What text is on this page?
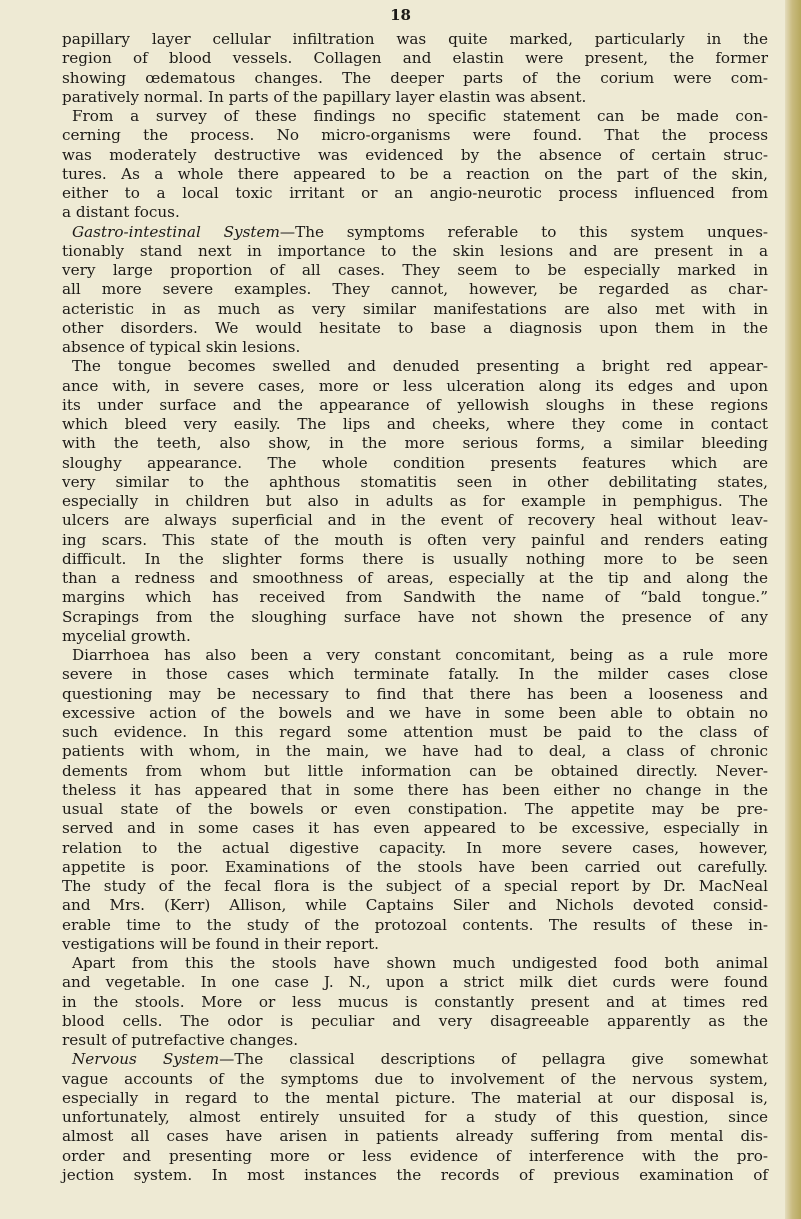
18
papillary layer cellular infiltration was quite marked, particularly in the
region of blood vessels. Collagen and elastin were present, the former
showing œdematous changes. The deeper parts of the corium were com-
paratively normal. In parts of the papillary layer elastin was absent.
From a survey of these findings no specific statement can be made con-
cerning the process. No micro-organisms were found. That the process
was moderately destructive was evidenced by the absence of certain struc-
tures. As a whole there appeared to be a reaction on the part of the skin,
either to a local toxic irritant or an angio-neurotic process influenced from
a distant focus.
Gastro-intestinal System—The symptoms referable to this system unques-
tionably stand next in importance to the skin lesions and are present in a
very large proportion of all cases. They seem to be especially marked in
all more severe examples. They cannot, however, be regarded as char-
acteristic in as much as very similar manifestations are also met with in
other disorders. We would hesitate to base a diagnosis upon them in the
absence of typical skin lesions.
The tongue becomes swelled and denuded presenting a bright red appear-
ance with, in severe cases, more or less ulceration along its edges and upon
its under surface and the appearance of yellowish sloughs in these regions
which bleed very easily. The lips and cheeks, where they come in contact
with the teeth, also show, in the more serious forms, a similar bleeding
sloughy appearance. The whole condition presents features which are
very similar to the aphthous stomatitis seen in other debilitating states,
especially in children but also in adults as for example in pemphigus. The
ulcers are always superficial and in the event of recovery heal without leav-
ing scars. This state of the mouth is often very painful and renders eating
difficult. In the slighter forms there is usually nothing more to be seen
than a redness and smoothness of areas, especially at the tip and along the
margins which has received from Sandwith the name of “bald tongue.”
Scrapings from the sloughing surface have not shown the presence of any
mycelial growth.
Diarrhoea has also been a very constant concomitant, being as a rule more
severe in those cases which terminate fatally. In the milder cases close
questioning may be necessary to find that there has been a looseness and
excessive action of the bowels and we have in some been able to obtain no
such evidence. In this regard some attention must be paid to the class of
patients with whom, in the main, we have had to deal, a class of chronic
dements from whom but little information can be obtained directly. Never-
theless it has appeared that in some there has been either no change in the
usual state of the bowels or even constipation. The appetite may be pre-
served and in some cases it has even appeared to be excessive, especially in
relation to the actual digestive capacity. In more severe cases, however,
appetite is poor. Examinations of the stools have been carried out carefully.
The study of the fecal flora is the subject of a special report by Dr. MacNeal
and Mrs. (Kerr) Allison, while Captains Siler and Nichols devoted consid-
erable time to the study of the protozoal contents. The results of these in-
vestigations will be found in their report.
Apart from this the stools have shown much undigested food both animal
and vegetable. In one case J. N., upon a strict milk diet curds were found
in the stools. More or less mucus is constantly present and at times red
blood cells. The odor is peculiar and very disagreeable apparently as the
result of putrefactive changes.
Nervous System—The classical descriptions of pellagra give somewhat
vague accounts of the symptoms due to involvement of the nervous system,
especially in regard to the mental picture. The material at our disposal is,
unfortunately, almost entirely unsuited for a study of this question, since
almost all cases have arisen in patients already suffering from mental dis-
order and presenting more or less evidence of interference with the pro-
jection system. In most instances the records of previous examination of
